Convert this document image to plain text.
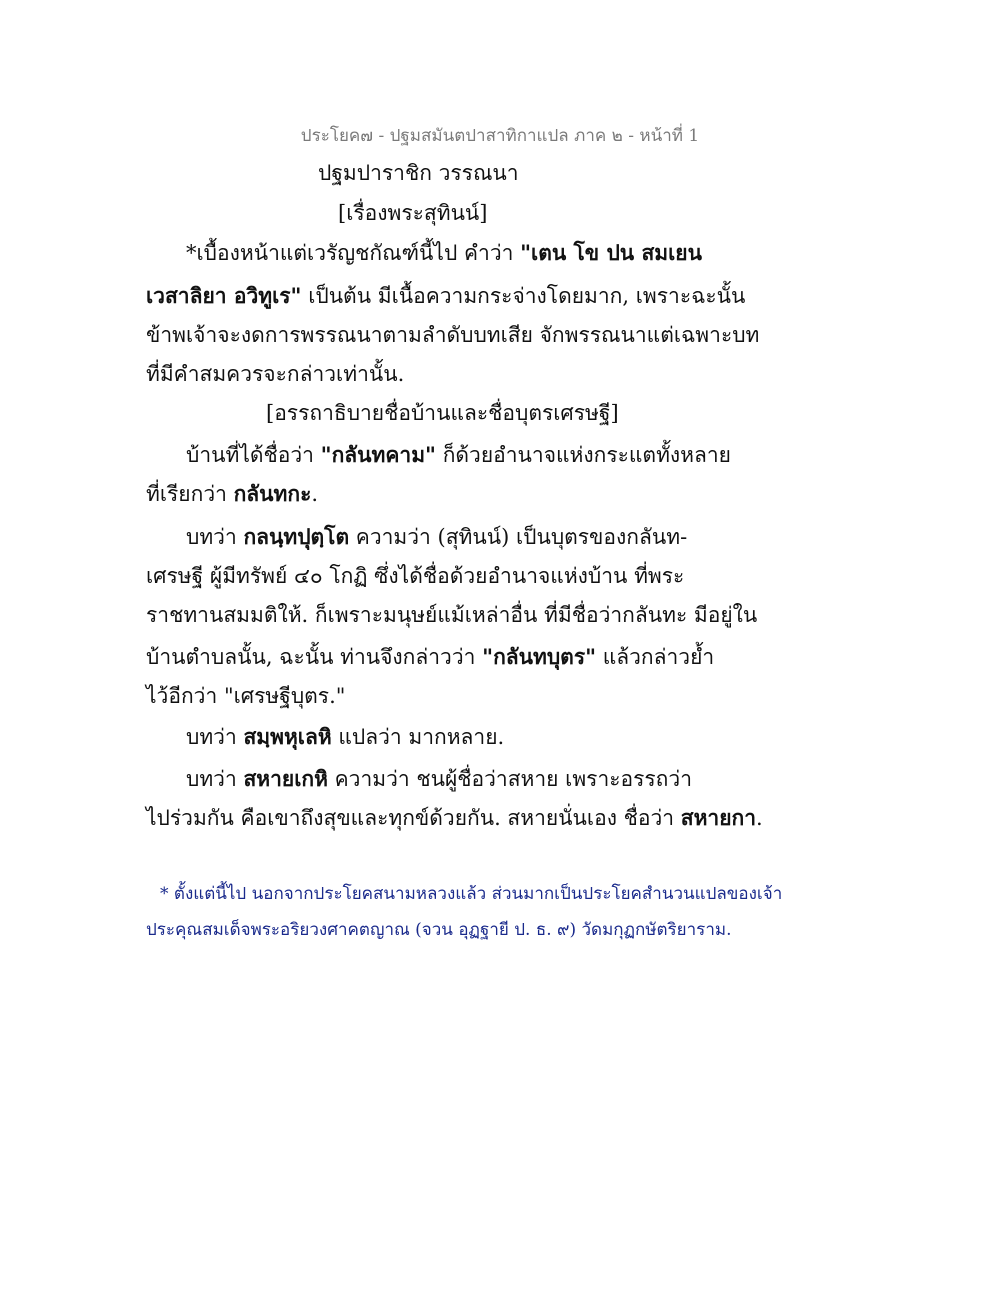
ประโยค๗ - ปฐมสมันตปาสาทิกาแปล ภาค ๒ - หน้าที่ 1
ปฐมปาราชิก วรรณนา
[เรื่องพระสุทินน์]
*เบื้องหน้าแต่เวรัญชกัณฑ์นี้ไป คำว่า "เตน โข ปน สมเยน
เวสาลิยา อวิทูเร" เป็นต้น มีเนื้อความกระจ่างโดยมาก, เพราะฉะนั้น
ข้าพเจ้าจะงดการพรรณนาตามลำดับบทเสีย จักพรรณนาแต่เฉพาะบท
ที่มีคำสมควรจะกล่าวเท่านั้น.
[อรรถาธิบายชื่อบ้านและชื่อบุตรเศรษฐี]
บ้านที่ได้ชื่อว่า "กลันทคาม" ก็ด้วยอำนาจแห่งกระแตทั้งหลาย
ที่เรียกว่า กลันทกะ.
บทว่า กลนฺทปุตฺโต ความว่า (สุทินน์) เป็นบุตรของกลันท-
เศรษฐี ผู้มีทรัพย์ ๔๐ โกฏิ ซึ่งได้ชื่อด้วยอำนาจแห่งบ้าน ที่พระ
ราชทานสมมติให้. ก็เพราะมนุษย์แม้เหล่าอื่น ที่มีชื่อว่ากลันทะ มีอยู่ใน
บ้านตำบลนั้น, ฉะนั้น ท่านจึงกล่าวว่า "กลันทบุตร" แล้วกล่าวย้ำ
ไว้อีกว่า "เศรษฐีบุตร."
บทว่า สมฺพหุเลหิ แปลว่า มากหลาย.
บทว่า สหายเกหิ ความว่า ชนผู้ชื่อว่าสหาย เพราะอรรถว่า
ไปร่วมกัน คือเขาถึงสุขและทุกข์ด้วยกัน. สหายนั่นเอง ชื่อว่า สหายกา.
* ตั้งแต่นี้ไป นอกจากประโยคสนามหลวงแล้ว ส่วนมากเป็นประโยคสำนวนแปลของเจ้า
ประคุณสมเด็จพระอริยวงศาคตญาณ (จวน อุฏฐายี ป. ธ. ๙) วัดมกุฏกษัตริยาราม.
